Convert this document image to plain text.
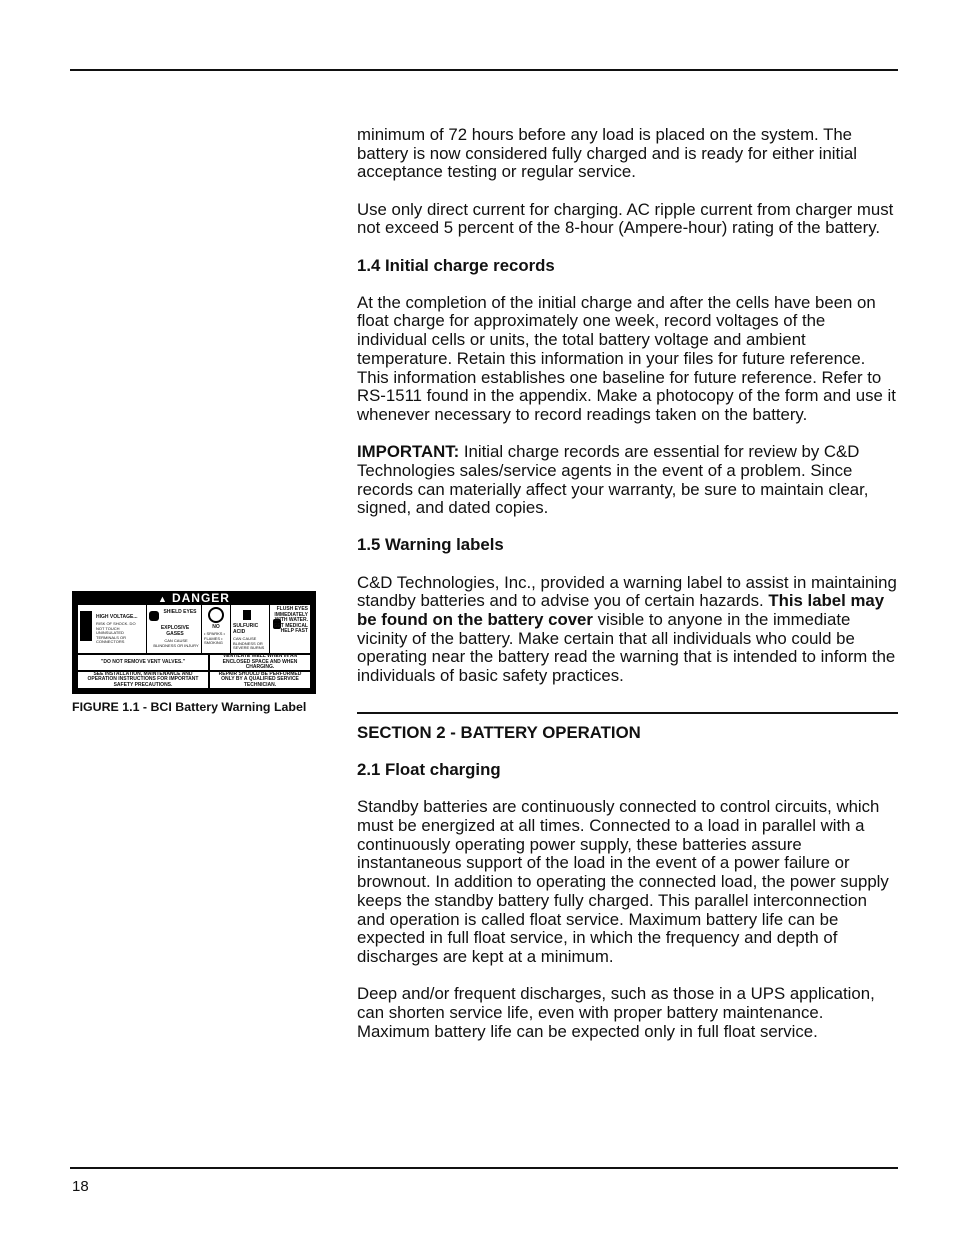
minimum of 72 hours before any load is placed on the system. The battery is now considered fully charged and is ready for either initial acceptance testing or regular service.

Use only direct current for charging. AC ripple current from charger must not exceed 5 percent of the 8-hour (Ampere-hour) rating of the battery.

1.4 Initial charge records

At the completion of the initial charge and after the cells have been on float charge for approximately one week, record voltages of the individual cells or units, the total battery voltage and ambient temperature. Retain this information in your files for future reference. This information establishes one baseline for future reference. Refer to RS-1511 found in the appendix. Make a photocopy of the form and use it whenever necessary to record readings taken on the battery.

IMPORTANT: Initial charge records are essential for review by C&D Technologies sales/service agents in the event of a problem. Since records can materially affect your warranty, be sure to maintain clear, signed, and dated copies.

1.5 Warning labels

C&D Technologies, Inc., provided a warning label to assist in maintaining standby batteries and to advise you of certain hazards. This label may be found on the battery cover visible to anyone in the immediate vicinity of the battery. Make certain that all individuals who could be operating near the battery read the warning that is intended to inform the individuals of basic safety practices.

SECTION 2 - BATTERY OPERATION
2.1 Float charging

Standby batteries are continuously connected to control circuits, which must be energized at all times. Connected to a load in parallel with a continuously operating power supply, these batteries assure instantaneous support of the load in the event of a power failure or brownout. In addition to operating the connected load, the power supply keeps the standby battery fully charged. This parallel interconnection and operation is called float service. Maximum battery life can be expected in full float service, in which the frequency and depth of discharges are kept at a minimum.

Deep and/or frequent discharges, such as those in a UPS application, can shorten service life, even with proper battery maintenance. Maximum battery life can be expected only in full float service.

▲ DANGER
HIGH VOLTAGE...
RISK OF SHOCK. DO NOT TOUCH UNINSULATED TERMINALS OR CONNECTORS
SHIELD EYES
EXPLOSIVE GASES
CAN CAUSE BLINDNESS OR INJURY
NO
• SPARKS • FLAMES • SMOKING
SULFURIC ACID
CAN CAUSE BLINDNESS OR SEVERE BURNS
FLUSH EYES IMMEDIATELY WITH WATER. GET MEDICAL HELP FAST
"DO NOT REMOVE VENT VALVES."
VENTILATE WELL WHEN IN AN ENCLOSED SPACE AND WHEN CHARGING.
SEE INSTALLATION, MAINTENANCE AND OPERATION INSTRUCTIONS FOR IMPORTANT SAFETY PRECAUTIONS.
REPAIR SHOULD BE PERFORMED ONLY BY A QUALIFIED SERVICE TECHNICIAN.
FIGURE 1.1 - BCI Battery Warning Label
18
